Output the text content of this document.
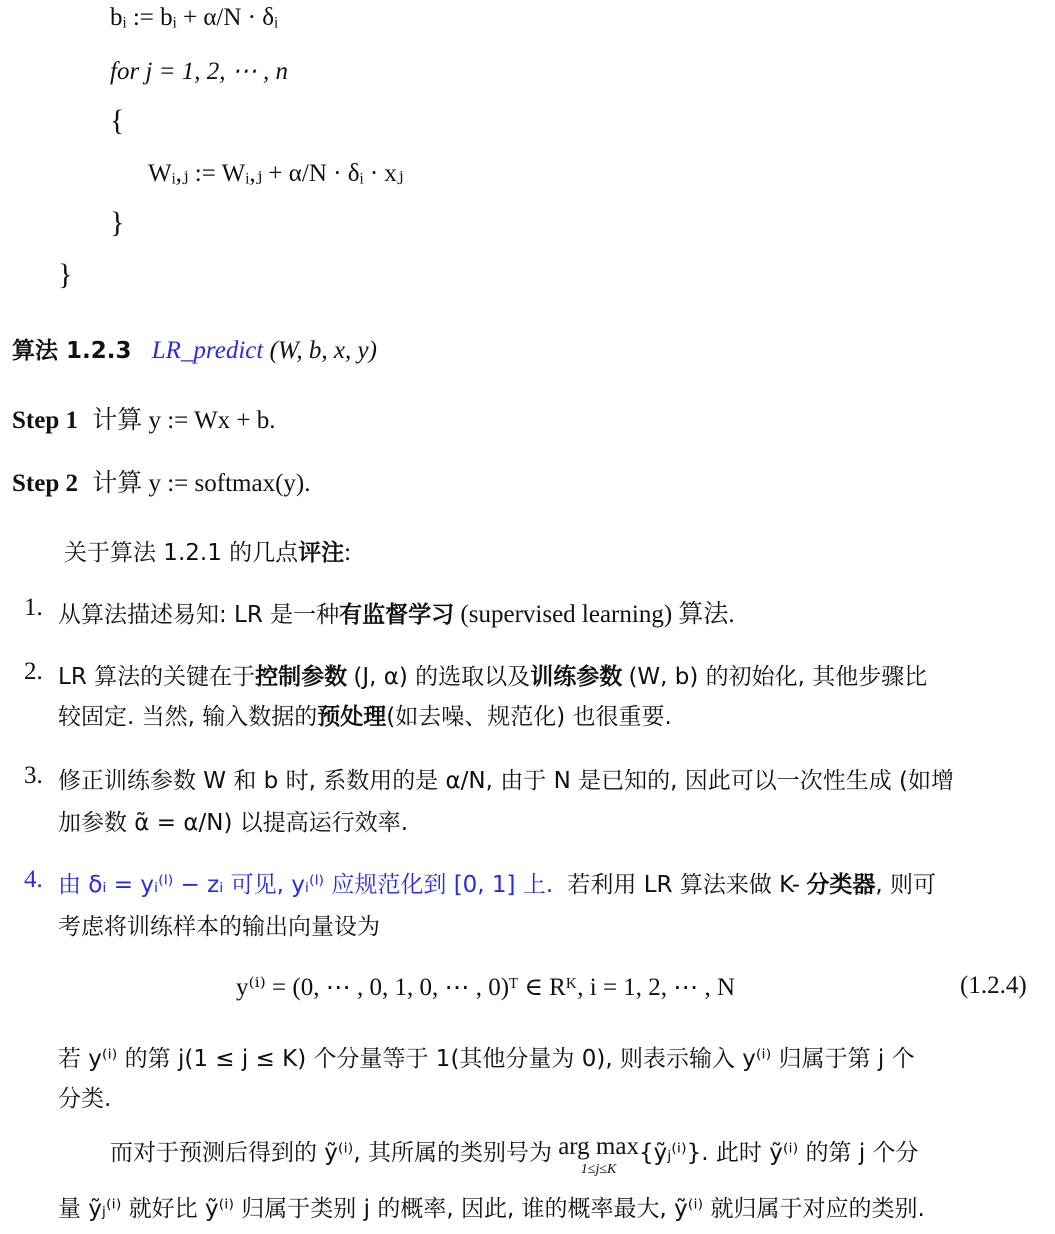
bᵢ := bᵢ + α/N · δᵢ
for j = 1, 2, ⋯ , n
{
Wᵢ,ⱼ := Wᵢ,ⱼ + α/N · δᵢ · xⱼ
}
}
算法 1.2.3 LR_predict (W, b, x, y)
Step 1 计算 y := Wx + b.
Step 2 计算 y := softmax(y).
关于算法 1.2.1 的几点评注:
1. 从算法描述易知: LR 是一种有监督学习 (supervised learning) 算法.
2. LR 算法的关键在于控制参数 (J, α) 的选取以及训练参数 (W, b) 的初始化, 其他步骤比
较固定. 当然, 输入数据的预处理(如去噪、规范化) 也很重要.
3. 修正训练参数 W 和 b 时, 系数用的是 α/N, 由于 N 是已知的, 因此可以一次性生成 (如增
加参数 α̃ = α/N) 以提高运行效率.
4. 由 δᵢ = yᵢ⁽ˡ⁾ − zᵢ 可见, yᵢ⁽ˡ⁾ 应规范化到 [0, 1] 上. 若利用 LR 算法来做 K- 分类器, 则可
考虑将训练样本的输出向量设为
y⁽ⁱ⁾ = (0, ⋯ , 0, 1, 0, ⋯ , 0)ᵀ ∈ Rᴷ, i = 1, 2, ⋯ , N	(1.2.4)
若 y⁽ⁱ⁾ 的第 j(1 ≤ j ≤ K) 个分量等于 1(其他分量为 0), 则表示输入 y⁽ⁱ⁾ 归属于第 j 个
分类.
而对于预测后得到的 ỹ⁽ⁱ⁾, 其所属的类别号为 arg max
1≤j≤K
{ỹⱼ⁽ⁱ⁾}. 此时 ỹ⁽ⁱ⁾ 的第 j 个分
量 ỹⱼ⁽ⁱ⁾ 就好比 ỹ⁽ⁱ⁾ 归属于类别 j 的概率, 因此, 谁的概率最大, ỹ⁽ⁱ⁾ 就归属于对应的类别.
